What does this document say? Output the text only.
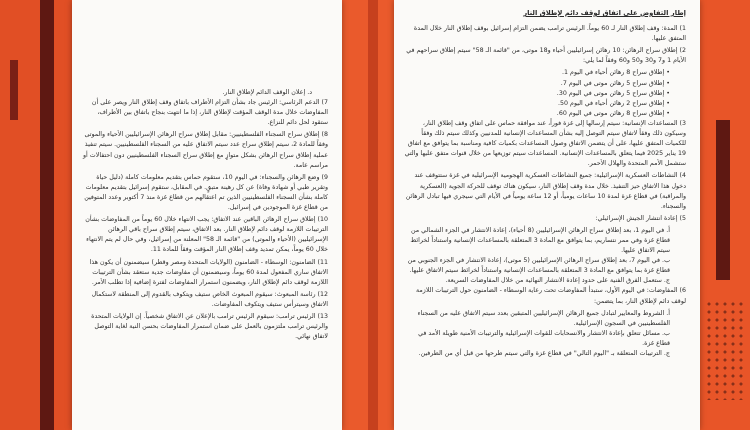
د. إعلان الوقف الدائم لإطلاق النار.
7) الدعم الرئاسي: الرئيس جاد بشأن التزام الأطراف باتفاق وقف إطلاق النار ويصر على أن المفاوضات خلال مدة الوقف المؤقت لإطلاق النار، إذا ما انتهت بنجاح باتفاق بين الأطراف، ستقود لحل دائم للنزاع.
8) إطلاق سراح السجناء الفلسطينيين: مقابل إطلاق سراح الرهائن الإسرائيليين الأحياء والموتى وفقاً للمادة 2، سيتم إطلاق سراح عدد سيتم الاتفاق عليه من السجناء الفلسطينيين. سيتم تنفيذ عملية إطلاق سراح الرهائن بشكل متوازٍ مع إطلاق سراح السجناء الفلسطينيين دون احتفالات أو مراسم عامة.
9) وضع الرهائن والسجناء: في اليوم 10، ستقوم حماس بتقديم معلومات كاملة (دليل حياة وتقرير طبي أو شهادة وفاة) عن كل رهينة متبقٍ. في المقابل، ستقوم إسرائيل بتقديم معلومات كاملة بشأن السجناء الفلسطينيين الذين تم اعتقالهم من قطاع غزة منذ 7 أكتوبر وعدد المتوفين من قطاع غزة الموجودين في إسرائيل.
10) إطلاق سراح الرهائن الباقين عند الاتفاق: يجب الانتهاء خلال 60 يوماً من المفاوضات بشأن الترتيبات اللازمة لوقف دائم لإطلاق النار. بعد الاتفاق، سيتم إطلاق سراح باقي الرهائن الإسرائيليين (الأحياء والموتى) من "قائمة الـ 58" المعلنة من إسرائيل، وفي حال لم يتم الانتهاء خلال 60 يوماً، يمكن تمديد وقف إطلاق النار المؤقت وفقاً للمادة 11.
11) الضامنون: الوسطاء - الضامنون (الولايات المتحدة ومصر وقطر) سيضمنون أن يكون هذا الاتفاق ساري المفعول لمدة 60 يوماً، وسيضمنون أن مفاوضات جدية ستعقد بشأن الترتيبات اللازمة لوقف دائم لإطلاق النار، ويضمنون استمرار المفاوضات لفترة إضافية إذا تطلب الأمر.
12) رئاسة المبعوث: سيقوم المبعوث الخاص ستيف ويتكوف بالقدوم إلى المنطقة لاستكمال الاتفاق وسيترأس ستيف ويتكوف المفاوضات.
13) الرئيس ترامب: سيقوم الرئيس ترامب بالإعلان عن الاتفاق شخصياً. إن الولايات المتحدة والرئيس ترامب ملتزمون بالعمل على ضمان استمرار المفاوضات بحسن النية لغاية التوصل لاتفاق نهائي.
إطار التفاوض على اتفاق لوقف دائم لإطلاق النار
1) المدة: وقف إطلاق النار لـ 60 يوماً. الرئيس ترامب يضمن التزام إسرائيل بوقف إطلاق النار خلال المدة المتفق عليها.
2) إطلاق سراح الرهائن: 10 رهائن إسرائيليين أحياء و18 موتى، من "قائمة الـ 58" سيتم إطلاق سراحهم في الأيام 1 و7 و30 و50 و60 وفقاً لما يلي:
• إطلاق سراح 8 رهائن أحياء في اليوم 1.
• إطلاق سراح 5 رهائن موتى في اليوم 7.
• إطلاق سراح 5 رهائن موتى في اليوم 30.
• إطلاق سراح 2 رهائن أحياء في اليوم 50.
• إطلاق سراح 8 رهائن موتى في اليوم 60.
3) المساعدات الإنسانية: سيتم إرسالها إلى غزة فوراً، عند موافقة حماس على اتفاق وقف إطلاق النار، وسيكون ذلك وفقاً لاتفاق سيتم التوصل إليه بشأن المساعدات الإنسانية للمدنيين وكذلك سيتم ذلك وفقاً للكميات المتفق عليها، على أن يتضمن الاتفاق وصول المساعدات بكميات كافية ومناسبة بما يتوافق مع اتفاق 19 يناير 2025 فيما يتعلق بالمساعدات الإنسانية. المساعدات سيتم توزيعها من خلال قنوات متفق عليها والتي ستشمل الأمم المتحدة والهلال الأحمر.
4) النشاطات العسكرية الإسرائيلية: جميع النشاطات العسكرية الهجومية الإسرائيلية في غزة ستتوقف عند دخول هذا الاتفاق حيز التنفيذ. خلال مدة وقف إطلاق النار، سيكون هناك توقف للحركة الجوية (العسكرية والمراقبة) في قطاع غزة لمدة 10 ساعات يومياً، أو 12 ساعة يومياً في الأيام التي سيجري فيها تبادل الرهائن والسجناء.
5) إعادة انتشار الجيش الإسرائيلي:
أ. في اليوم 1، بعد إطلاق سراح الرهائن الإسرائيليين (8 أحياء)، إعادة الانتشار في الجزء الشمالي من قطاع غزة وفي ممر نتساريم، بما يتوافق مع المادة 3 المتعلقة بالمساعدات الإنسانية واستناداً لخرائط سيتم الاتفاق عليها.
ب. في اليوم 7، بعد إطلاق سراح الرهائن الإسرائيليين (5 موتى)، إعادة الانتشار في الجزء الجنوبي من قطاع غزة بما يتوافق مع المادة 3 المتعلقة بالمساعدات الإنسانية واستناداً لخرائط سيتم الاتفاق عليها.
ج. ستعمل الفرق الفنية على حدود إعادة الانتشار النهائية من خلال المفاوضات السريعة.
6) المفاوضات: في اليوم الأول، ستبدأ المفاوضات تحت رعاية الوسطاء - الضامنون حول الترتيبات اللازمة لوقف دائم لإطلاق النار، بما يتضمن:
أ. الشروط والمعايير لتبادل جميع الرهائن الإسرائيليين المتبقين بعدد سيتم الاتفاق عليه من السجناء الفلسطينيين في السجون الإسرائيلية.
ب. مسائل تتعلق بإعادة الانتشار والانسحابات للقوات الإسرائيلية والترتيبات الأمنية طويلة الأمد في قطاع غزة.
ج. الترتيبات المتعلقة بـ "اليوم التالي" في قطاع غزة والتي سيتم طرحها من قبل أي من الطرفين.
